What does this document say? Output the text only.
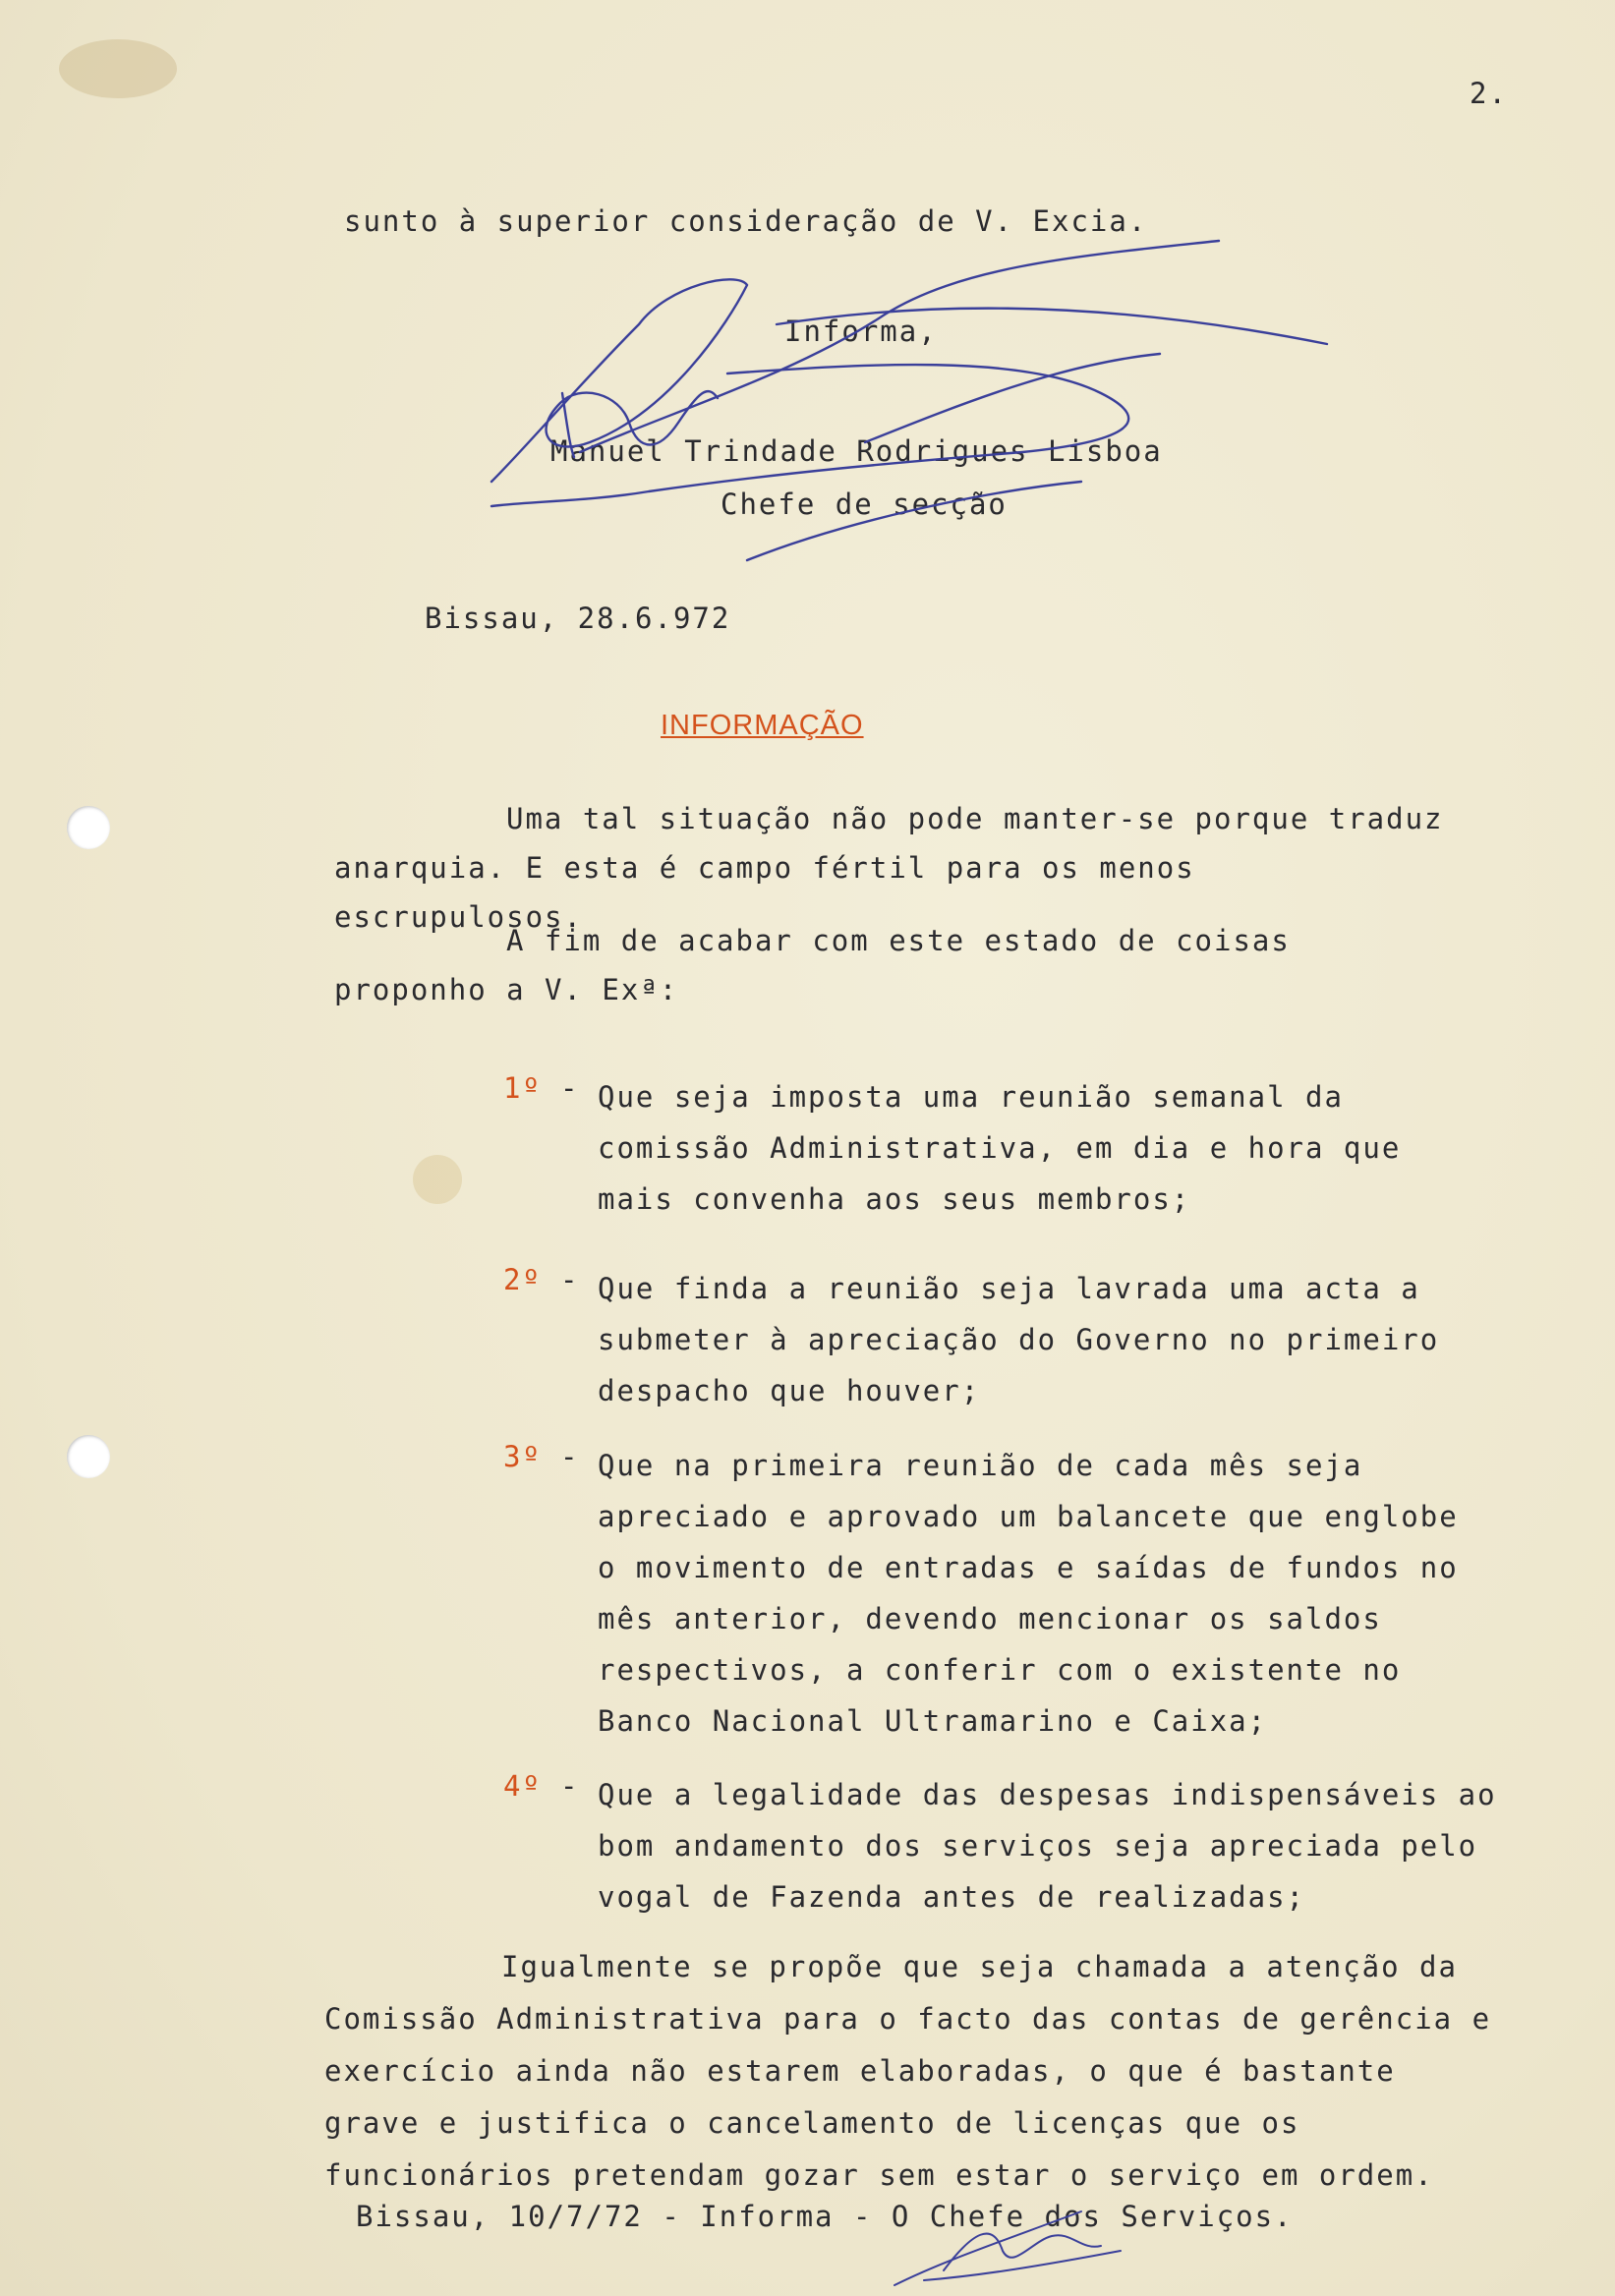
2.
sunto à superior consideração de V. Excia.
Informa,
Manuel Trindade Rodrigues Lisboa
Chefe de secção
Bissau, 28.6.972
INFORMAÇÃO
Uma tal situação não pode manter-se porque traduz anarquia. E esta é campo fértil para os menos escrupulosos.
A fim de acabar com este estado de coisas proponho a V. Exª:
1º - Que seja imposta uma reunião semanal da comissão Administrativa, em dia e hora que mais convenha aos seus membros;
2º - Que finda a reunião seja lavrada uma acta a submeter à apreciação do Governo no primeiro despacho que houver;
3º - Que na primeira reunião de cada mês seja apreciado e aprovado um balancete que englobe o movimento de entradas e saídas de fundos no mês anterior, devendo mencionar os saldos respectivos, a conferir com o existente no Banco Nacional Ultramarino e Caixa;
4º - Que a legalidade das despesas indispensáveis ao bom andamento dos serviços seja apreciada pelo vogal de Fazenda antes de realizadas;
Igualmente se propõe que seja chamada a atenção da Comissão Administrativa para o facto das contas de gerência e exercício ainda não estarem elaboradas, o que é bastante grave e justifica o cancelamento de licenças que os funcionários pretendam gozar sem estar o serviço em ordem.
Bissau, 10/7/72 - Informa - O Chefe dos Serviços.
